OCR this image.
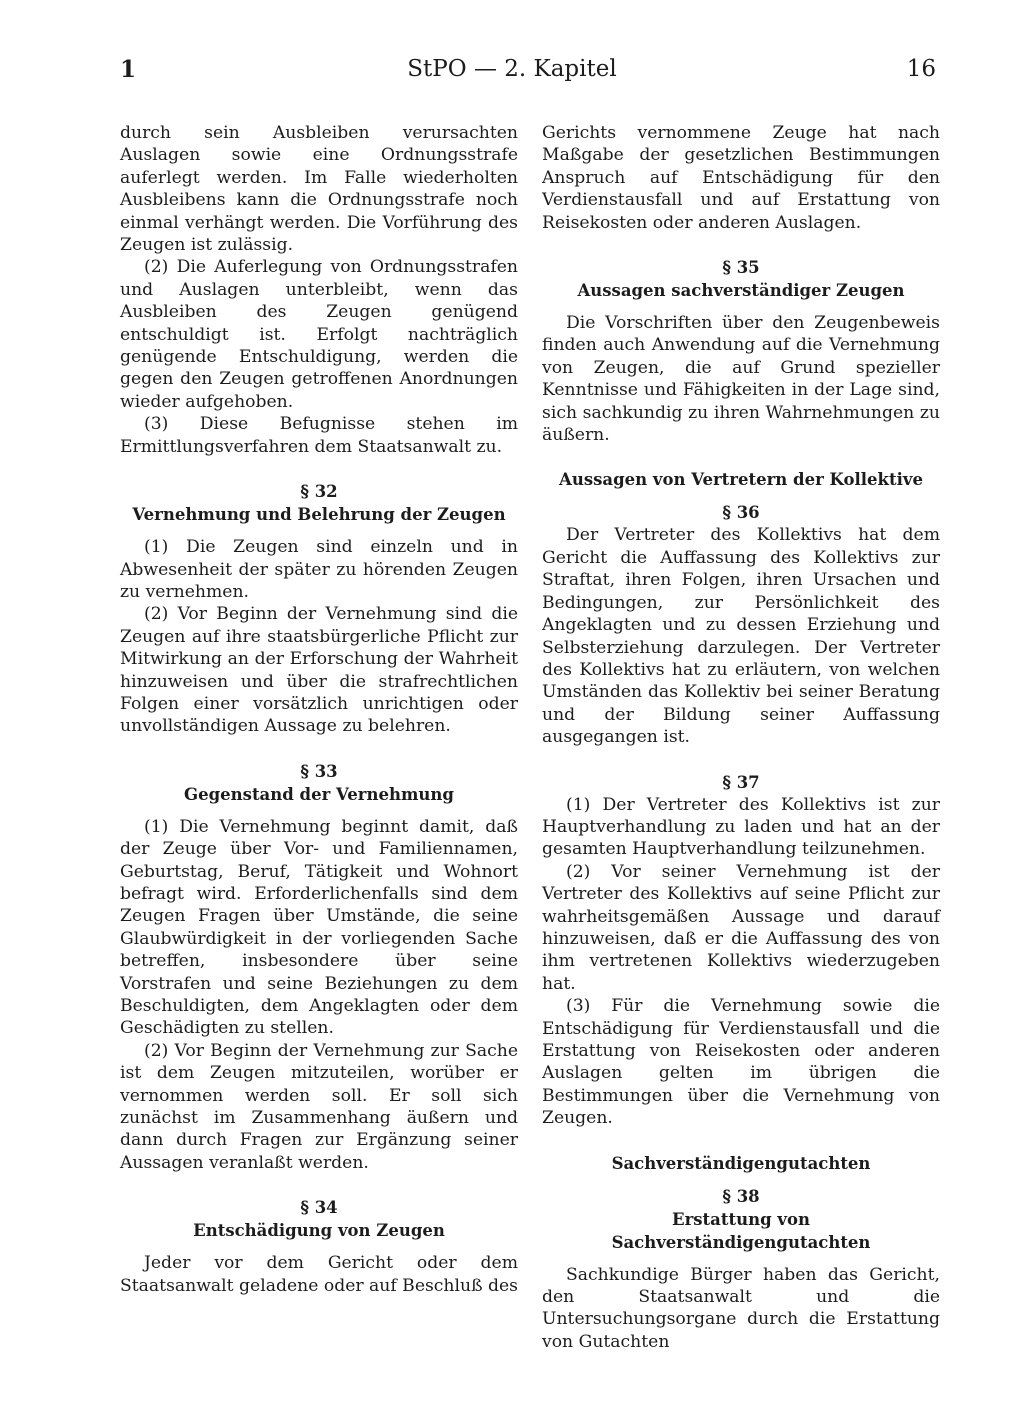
1	StPO — 2. Kapitel	16

durch sein Ausbleiben verursachten Auslagen sowie eine Ordnungsstrafe auferlegt werden. Im Falle wiederholten Ausbleibens kann die Ordnungsstrafe noch einmal verhängt werden. Die Vorführung des Zeugen ist zulässig.

(2) Die Auferlegung von Ordnungsstrafen und Auslagen unterbleibt, wenn das Ausbleiben des Zeugen genügend entschuldigt ist. Erfolgt nachträglich genügende Entschuldigung, werden die gegen den Zeugen getroffenen Anordnungen wieder aufgehoben.

(3) Diese Befugnisse stehen im Ermittlungsverfahren dem Staatsanwalt zu.

§ 32
Vernehmung und Belehrung der Zeugen

(1) Die Zeugen sind einzeln und in Abwesenheit der später zu hörenden Zeugen zu vernehmen.

(2) Vor Beginn der Vernehmung sind die Zeugen auf ihre staatsbürgerliche Pflicht zur Mitwirkung an der Erforschung der Wahrheit hinzuweisen und über die strafrechtlichen Folgen einer vorsätzlich unrichtigen oder unvollständigen Aussage zu belehren.

§ 33
Gegenstand der Vernehmung

(1) Die Vernehmung beginnt damit, daß der Zeuge über Vor- und Familiennamen, Geburtstag, Beruf, Tätigkeit und Wohnort befragt wird. Erforderlichenfalls sind dem Zeugen Fragen über Umstände, die seine Glaubwürdigkeit in der vorliegenden Sache betreffen, insbesondere über seine Vorstrafen und seine Beziehungen zu dem Beschuldigten, dem Angeklagten oder dem Geschädigten zu stellen.

(2) Vor Beginn der Vernehmung zur Sache ist dem Zeugen mitzuteilen, worüber er vernommen werden soll. Er soll sich zunächst im Zusammenhang äußern und dann durch Fragen zur Ergänzung seiner Aussagen veranlaßt werden.

§ 34
Entschädigung von Zeugen

Jeder vor dem Gericht oder dem Staatsanwalt geladene oder auf Beschluß des

Gerichts vernommene Zeuge hat nach Maßgabe der gesetzlichen Bestimmungen Anspruch auf Entschädigung für den Verdienstausfall und auf Erstattung von Reisekosten oder anderen Auslagen.

§ 35
Aussagen sachverständiger Zeugen

Die Vorschriften über den Zeugenbeweis finden auch Anwendung auf die Vernehmung von Zeugen, die auf Grund spezieller Kenntnisse und Fähigkeiten in der Lage sind, sich sachkundig zu ihren Wahrnehmungen zu äußern.

Aussagen von Vertretern der Kollektive
§ 36

Der Vertreter des Kollektivs hat dem Gericht die Auffassung des Kollektivs zur Straftat, ihren Folgen, ihren Ursachen und Bedingungen, zur Persönlichkeit des Angeklagten und zu dessen Erziehung und Selbsterziehung darzulegen. Der Vertreter des Kollektivs hat zu erläutern, von welchen Umständen das Kollektiv bei seiner Beratung und der Bildung seiner Auffassung ausgegangen ist.

§ 37

(1) Der Vertreter des Kollektivs ist zur Hauptverhandlung zu laden und hat an der gesamten Hauptverhandlung teilzunehmen.

(2) Vor seiner Vernehmung ist der Vertreter des Kollektivs auf seine Pflicht zur wahrheitsgemäßen Aussage und darauf hinzuweisen, daß er die Auffassung des von ihm vertretenen Kollektivs wiederzugeben hat.

(3) Für die Vernehmung sowie die Entschädigung für Verdienstausfall und die Erstattung von Reisekosten oder anderen Auslagen gelten im übrigen die Bestimmungen über die Vernehmung von Zeugen.

Sachverständigengutachten
§ 38
Erstattung von Sachverständigengutachten

Sachkundige Bürger haben das Gericht, den Staatsanwalt und die Untersuchungsorgane durch die Erstattung von Gutachten
